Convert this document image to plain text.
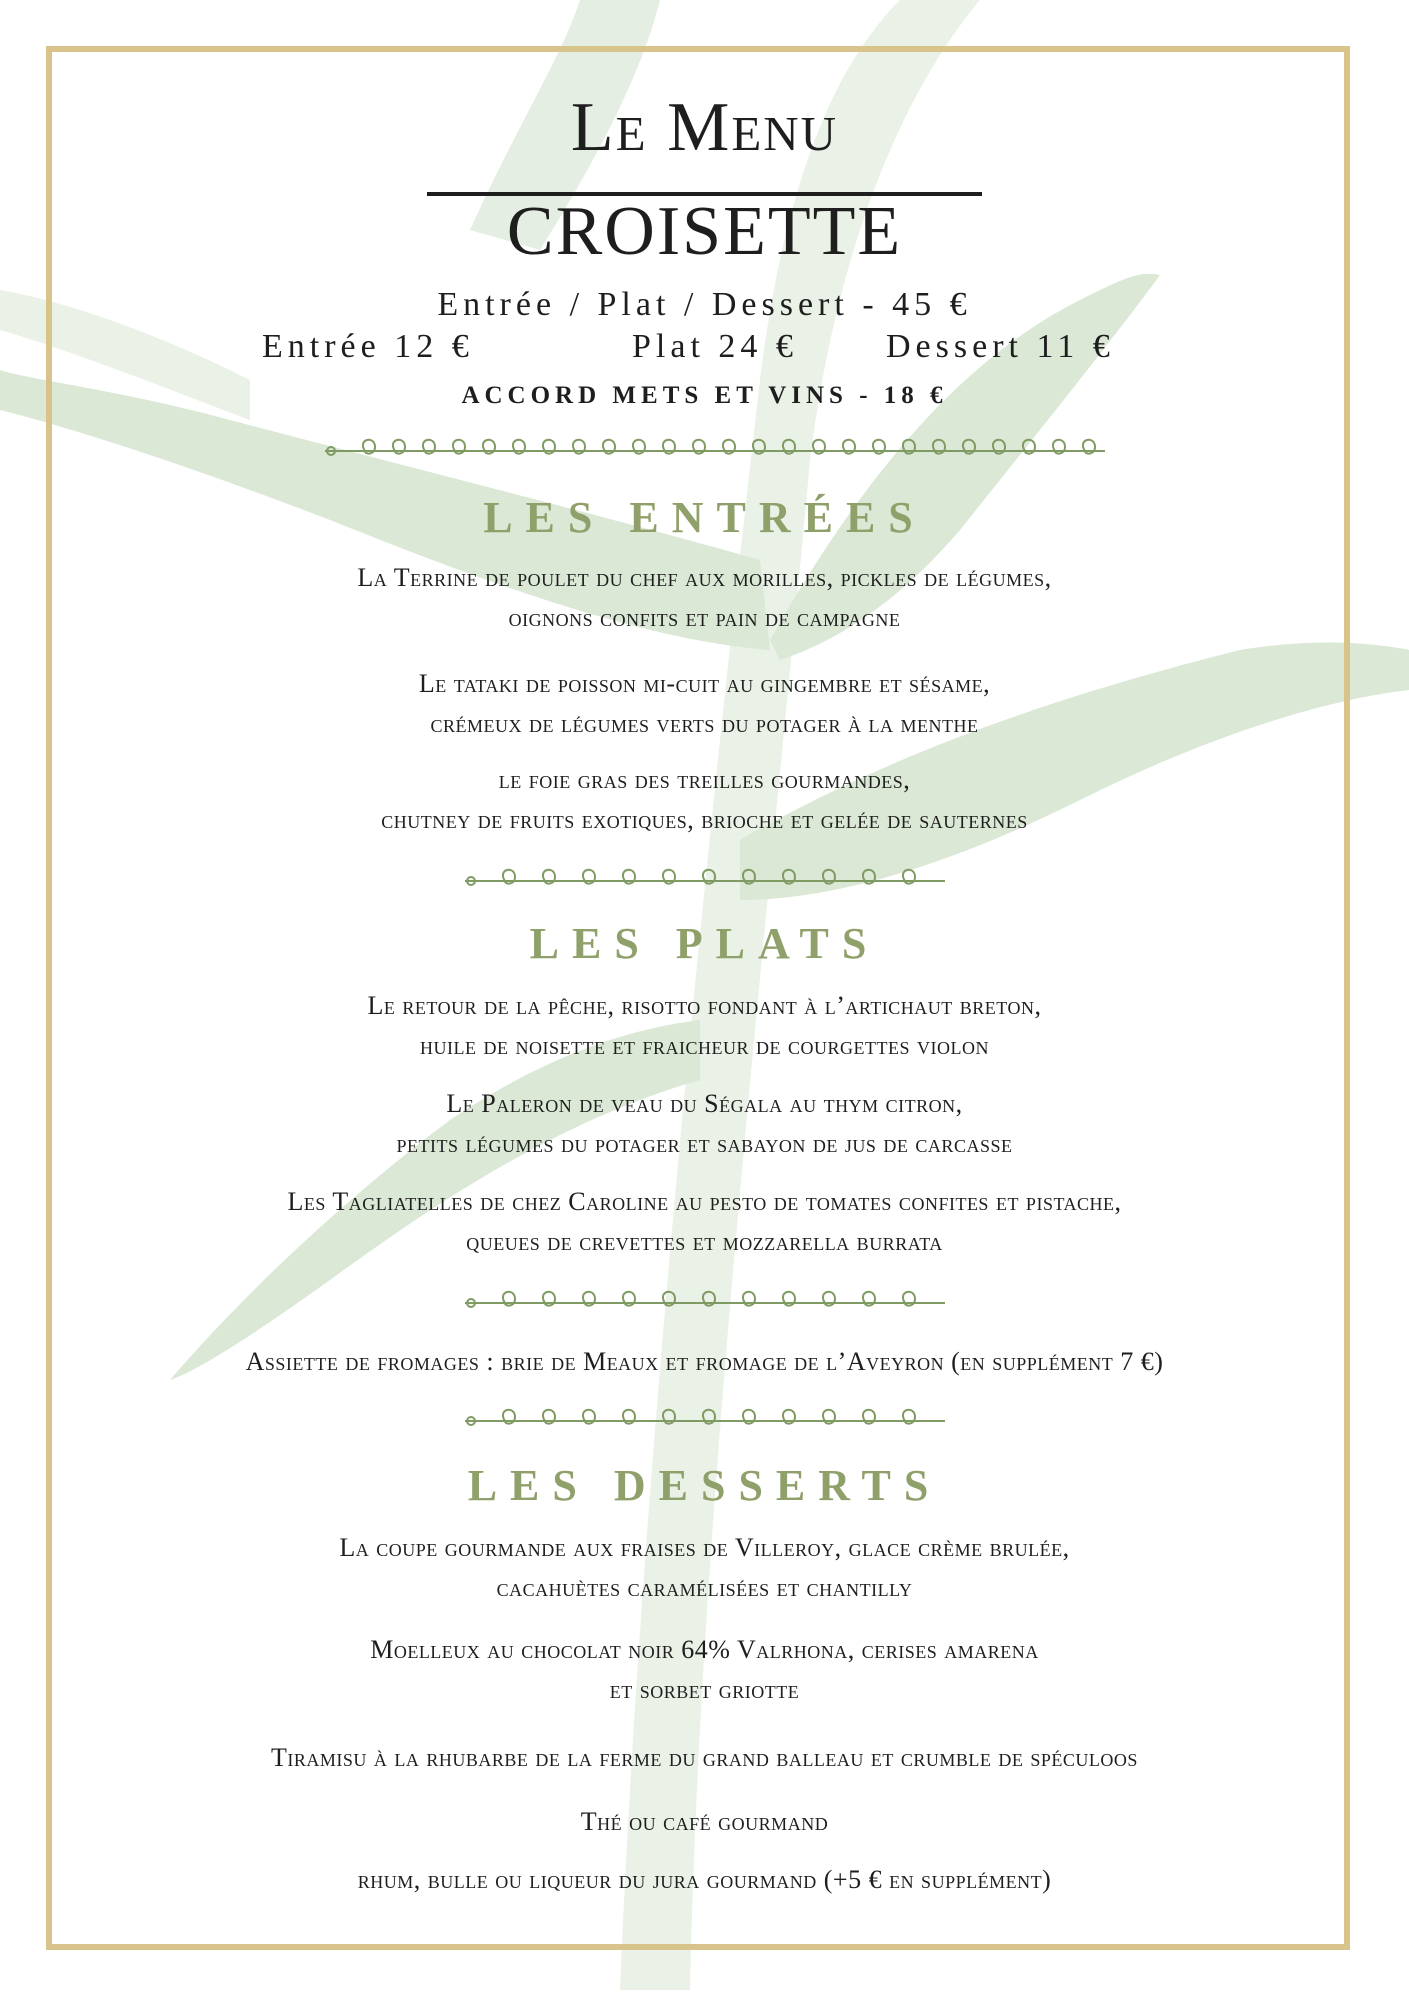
Le Menu
CROISETTE
Entrée / Plat / Dessert - 45 €
Entrée 12 €	Plat 24 €	Dessert 11 €
ACCORD METS ET VINS - 18 €
LES ENTRÉES
La Terrine de poulet du chef aux morilles, pickles de légumes,
oignons confits et pain de campagne
Le tataki de poisson mi-cuit au gingembre et sésame,
crémeux de légumes verts du potager à la menthe
le foie gras des treilles gourmandes,
chutney de fruits exotiques, brioche et gelée de sauternes
LES PLATS
Le retour de la pêche, risotto fondant à l’artichaut breton,
huile de noisette et fraicheur de courgettes violon
Le Paleron de veau du Ségala au thym citron,
petits légumes du potager et sabayon de jus de carcasse
Les Tagliatelles de chez Caroline au pesto de tomates confites et pistache,
queues de crevettes et mozzarella burrata
Assiette de fromages : brie de Meaux et fromage de l’Aveyron (en supplément 7 €)
LES DESSERTS
La coupe gourmande aux fraises de Villeroy, glace crème brulée,
cacahuètes caramélisées et chantilly
Moelleux au chocolat noir 64% Valrhona, cerises amarena
et sorbet griotte
Tiramisu à la rhubarbe de la ferme du grand balleau et crumble de spéculoos
Thé ou café gourmand
rhum, bulle ou liqueur du jura gourmand (+5 € en supplément)
